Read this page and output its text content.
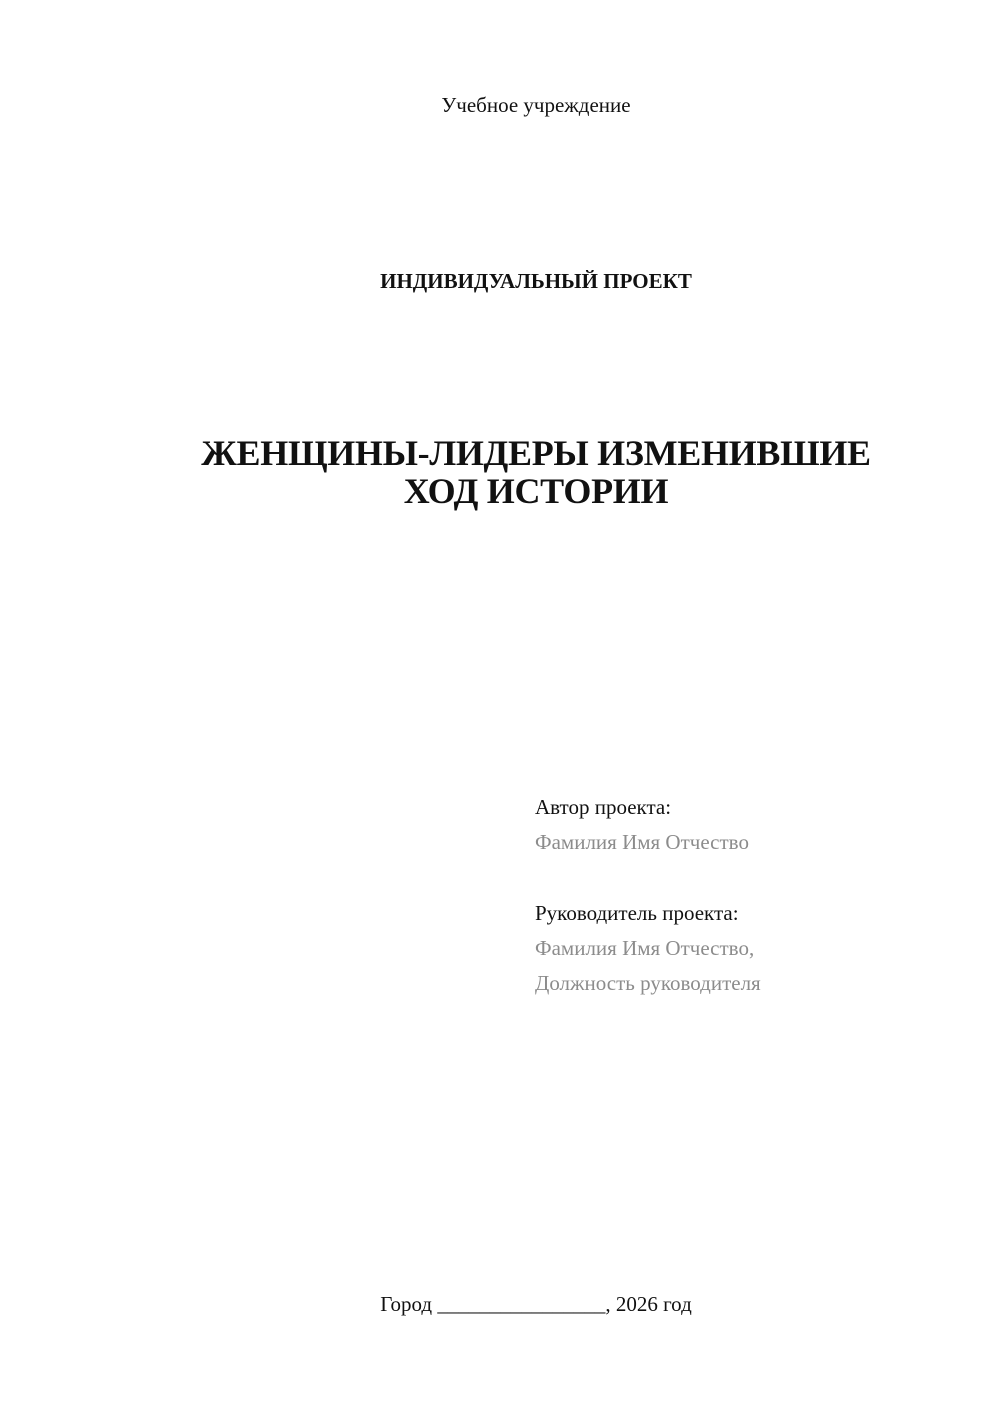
Учебное учреждение
ИНДИВИДУАЛЬНЫЙ ПРОЕКТ
ЖЕНЩИНЫ-ЛИДЕРЫ ИЗМЕНИВШИЕ
ХОД ИСТОРИИ
Автор проекта:
Фамилия Имя Отчество
Руководитель проекта:
Фамилия Имя Отчество,
Должность руководителя
Город ________________, 2026 год
